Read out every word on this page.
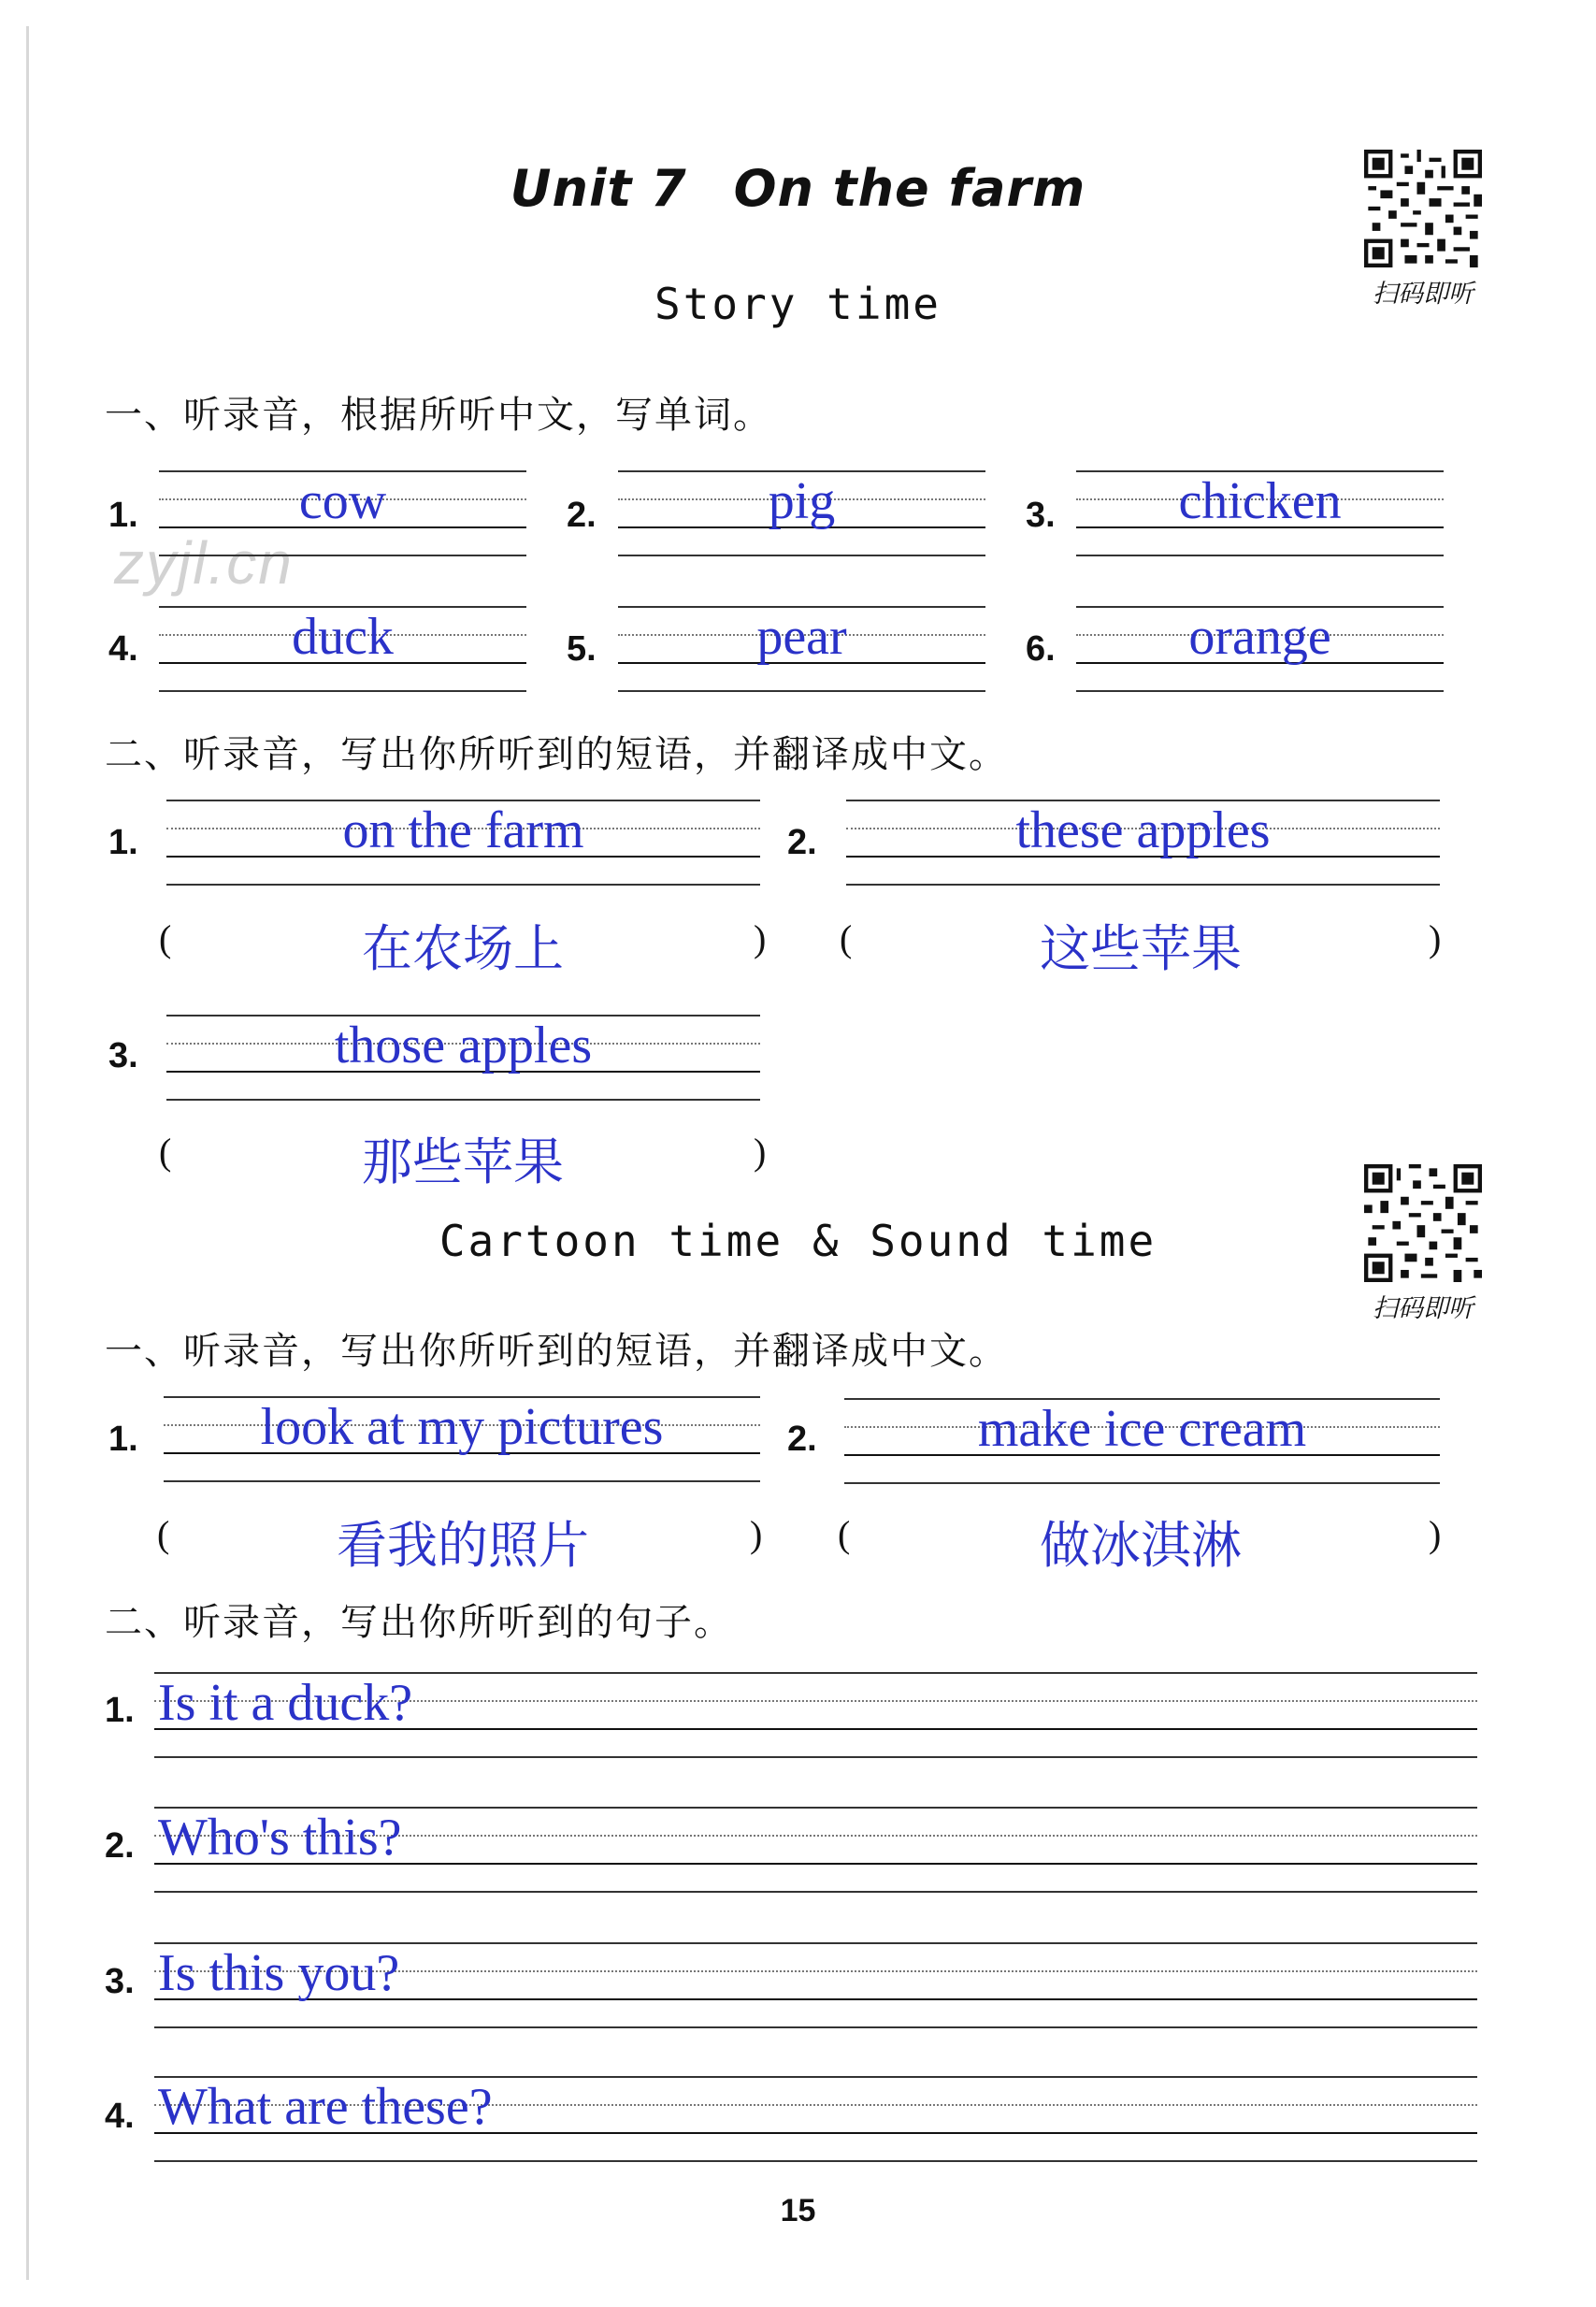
Unit 7 On the farm
扫码即听
Story time
一、听录音，根据所听中文，写单词。
zyjl.cn
1.	cow	2.	pig	3.	chicken
4.	duck	5.	pear	6.	orange
二、听录音，写出你所听到的短语，并翻译成中文。
1.	on the farm	2.	these apples
(	在农场上	) (	这些苹果	)
3.	those apples
(	那些苹果	)
扫码即听
Cartoon time & Sound time
一、听录音，写出你所听到的短语，并翻译成中文。
1.	look at my pictures	2.	make ice cream
(	看我的照片	) (	做冰淇淋	)
二、听录音，写出你所听到的句子。
1. Is it a duck?
2. Who's this?
3. Is this you?
4. What are these?
15
